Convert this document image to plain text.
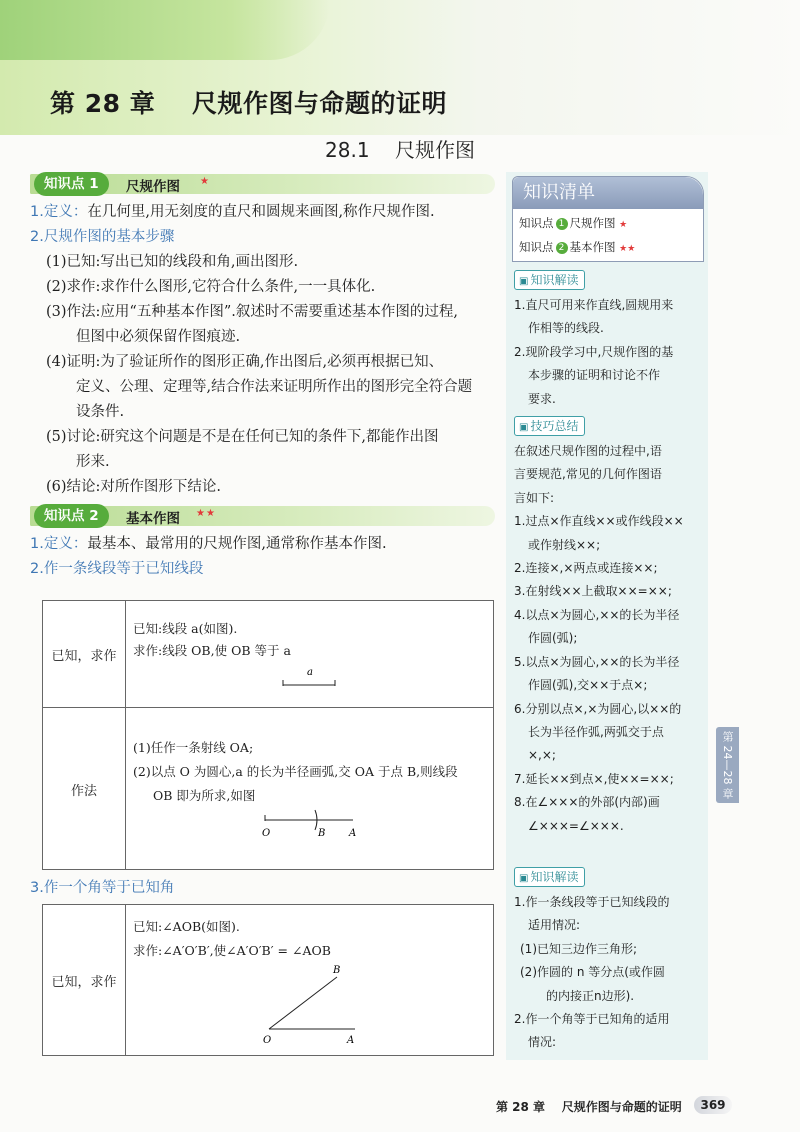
第 28 章    尺规作图与命题的证明
28.1    尺规作图
知识点 1	尺规作图 ★
1.定义：在几何里,用无刻度的直尺和圆规来画图,称作尺规作图.
2.尺规作图的基本步骤
(1)已知:写出已知的线段和角,画出图形.
(2)求作:求作什么图形,它符合什么条件,一一具体化.
(3)作法:应用“五种基本作图”.叙述时不需要重述基本作图的过程,
但图中必须保留作图痕迹.
(4)证明:为了验证所作的图形正确,作出图后,必须再根据已知、
定义、公理、定理等,结合作法来证明所作出的图形完全符合题
设条件.
(5)讨论:研究这个问题是不是在任何已知的条件下,都能作出图
形来.
(6)结论:对所作图形下结论.
知识点 2	基本作图 ★★
1.定义：最基本、最常用的尺规作图,通常称作基本作图.
2.作一条线段等于已知线段
已知，求作
已知:线段 a(如图).
求作:线段 OB,使 OB 等于 a
a
作法
(1)任作一条射线 OA;
(2)以点 O 为圆心,a 的长为半径画弧,交 OA 于点 B,则线段
OB 即为所求,如图
O	B A
3.作一个角等于已知角
已知，求作
已知:∠AOB(如图).
求作:∠A′O′B′,使∠A′O′B′ = ∠AOB
B
O	A
知识清单
知识点 1 尺规作图 ★
知识点 2 基本作图 ★★
▣ 知识解读
1.直尺可用来作直线,圆规用来
作相等的线段.
2.现阶段学习中,尺规作图的基
本步骤的证明和讨论不作
要求.
▣ 技巧总结
在叙述尺规作图的过程中,语
言要规范,常见的几何作图语
言如下:
1.过点×作直线××或作线段××
或作射线××;
2.连接×,×两点或连接××;
3.在射线××上截取××=××;
4.以点×为圆心,××的长为半径
作圆(弧);
5.以点×为圆心,××的长为半径
作圆(弧),交××于点×;
6.分别以点×,×为圆心,以××的
长为半径作弧,两弧交于点
×,×;
7.延长××到点×,使××=××;
8.在∠×××的外部(内部)画
∠×××=∠×××.
▣ 知识解读
1.作一条线段等于已知线段的
适用情况:
(1)已知三边作三角形;
(2)作圆的 n 等分点(或作圆
的内接正n边形).
2.作一个角等于已知角的适用
情况:
第 24—28 章
第 28 章    尺规作图与命题的证明	369
